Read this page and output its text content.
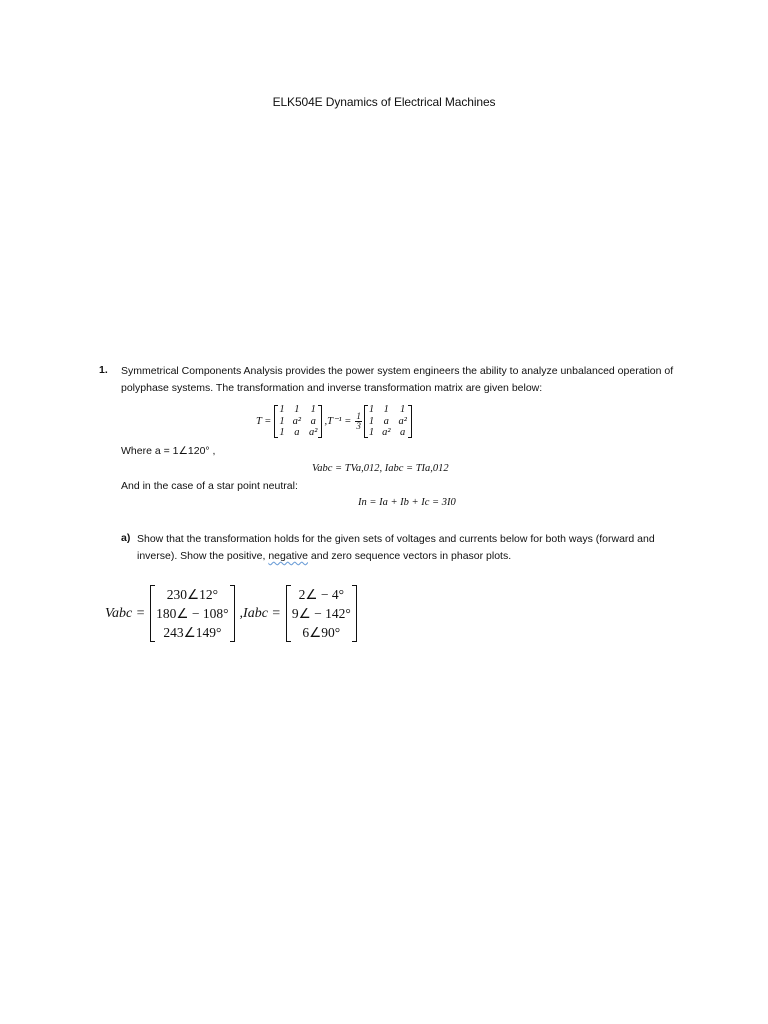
ELK504E Dynamics of Electrical Machines
1. Symmetrical Components Analysis provides the power system engineers the ability to analyze unbalanced operation of polyphase systems. The transformation and inverse transformation matrix are given below:
T =
1 1 1
1 a² a
1 a a²
$,T^{-1} = \frac{1}{3}$
1 1 1
1 a a²
1 a² a
Where a = 1∠120° ,
Vabc = TVa,012, Iabc = TIa,012
And in the case of a star point neutral:
In = Ia + Ib + Ic = 3I0
a) Show that the transformation holds for the given sets of voltages and currents below for both ways (forward and inverse). Show the positive, negative and zero sequence vectors in phasor plots.
Vabc =
230∠12°
180∠ − 108°
243∠149°
,Iabc =
2∠ − 4°
9∠ − 142°
6∠90°
